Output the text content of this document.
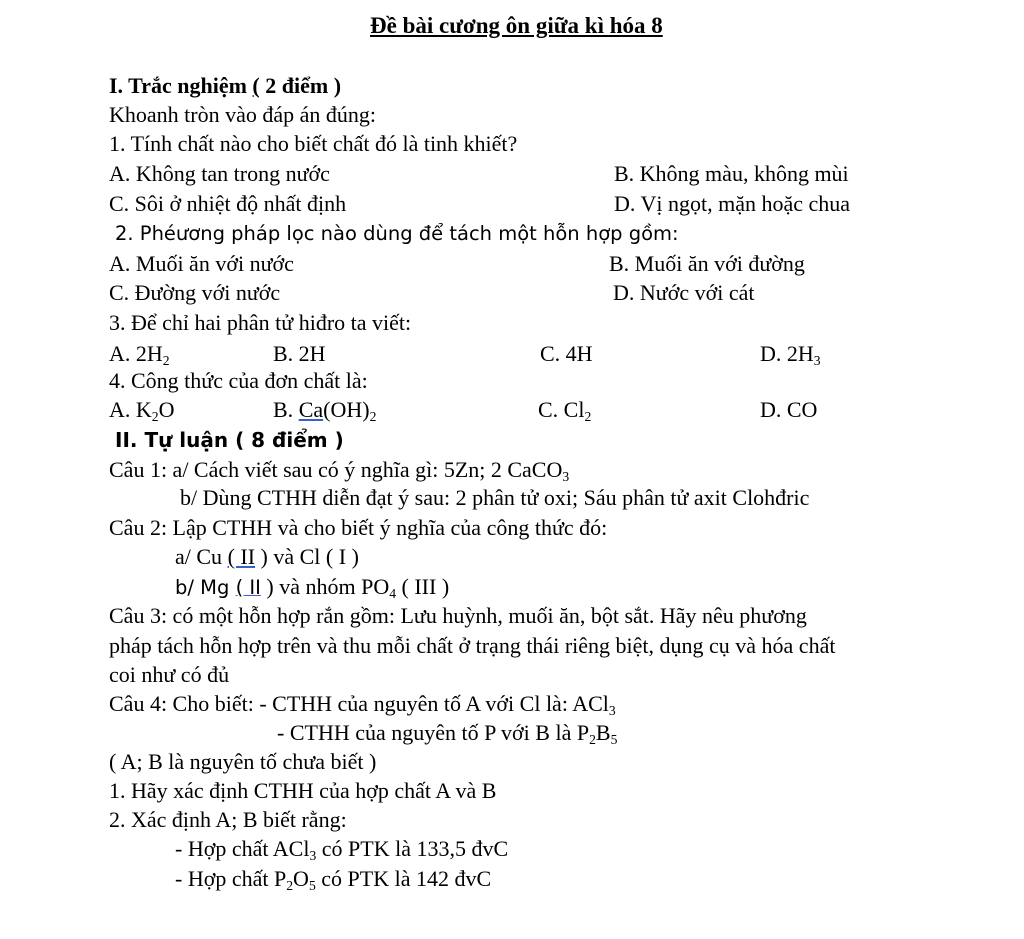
Đề bài cương ôn giữa kì hóa 8
I. Trắc nghiệm ( 2 điểm )
Khoanh tròn vào đáp án đúng:
1. Tính chất nào cho biết chất đó là tinh khiết?
A. Không tan trong nước	B. Không màu, không mùi
C. Sôi ở nhiệt độ nhất định	D. Vị ngọt, mặn hoặc chua
2. Phéương pháp lọc nào dùng để tách một hỗn hợp gồm:
A. Muối ăn với nước	B. Muối ăn với đường
C. Đường với nước	D. Nước với cát
3. Để chỉ hai phân tử hiđro ta viết:
A. $2H_2$	B. 2H	C. 4H	D. $2H_3$
4. Công thức của đơn chất là:
A. $K_2O$	B. $Ca(OH)_2$	C. $Cl_2$	D. CO
II. Tự luận ( 8 điểm )
Câu 1: a/ Cách viết sau có ý nghĩa gì: 5Zn; 2 CaCO$_3$
b/ Dùng CTHH diễn đạt ý sau: 2 phân tử oxi; Sáu phân tử axit Clohđric
Câu 2: Lập CTHH và cho biết ý nghĩa của công thức đó:
a/ Cu ( II ) và Cl ( I )
b/ Mg ( II ) và nhóm $PO_4$ ( III )
Câu 3: có một hỗn hợp rắn gồm: Lưu huỳnh, muối ăn, bột sắt. Hãy nêu phương
pháp tách hỗn hợp trên và thu mỗi chất ở trạng thái riêng biệt, dụng cụ và hóa chất
coi như có đủ
Câu 4: Cho biết: - CTHH của nguyên tố A với Cl là: ACl$_3$
- CTHH của nguyên tố P với B là $P_2B_5$
( A; B là nguyên tố chưa biết )
1. Hãy xác định CTHH của hợp chất A và B
2. Xác định A; B biết rằng:
- Hợp chất ACl$_3$ có PTK là 133,5 đvC
- Hợp chất $P_2O_5$ có PTK là 142 đvC
